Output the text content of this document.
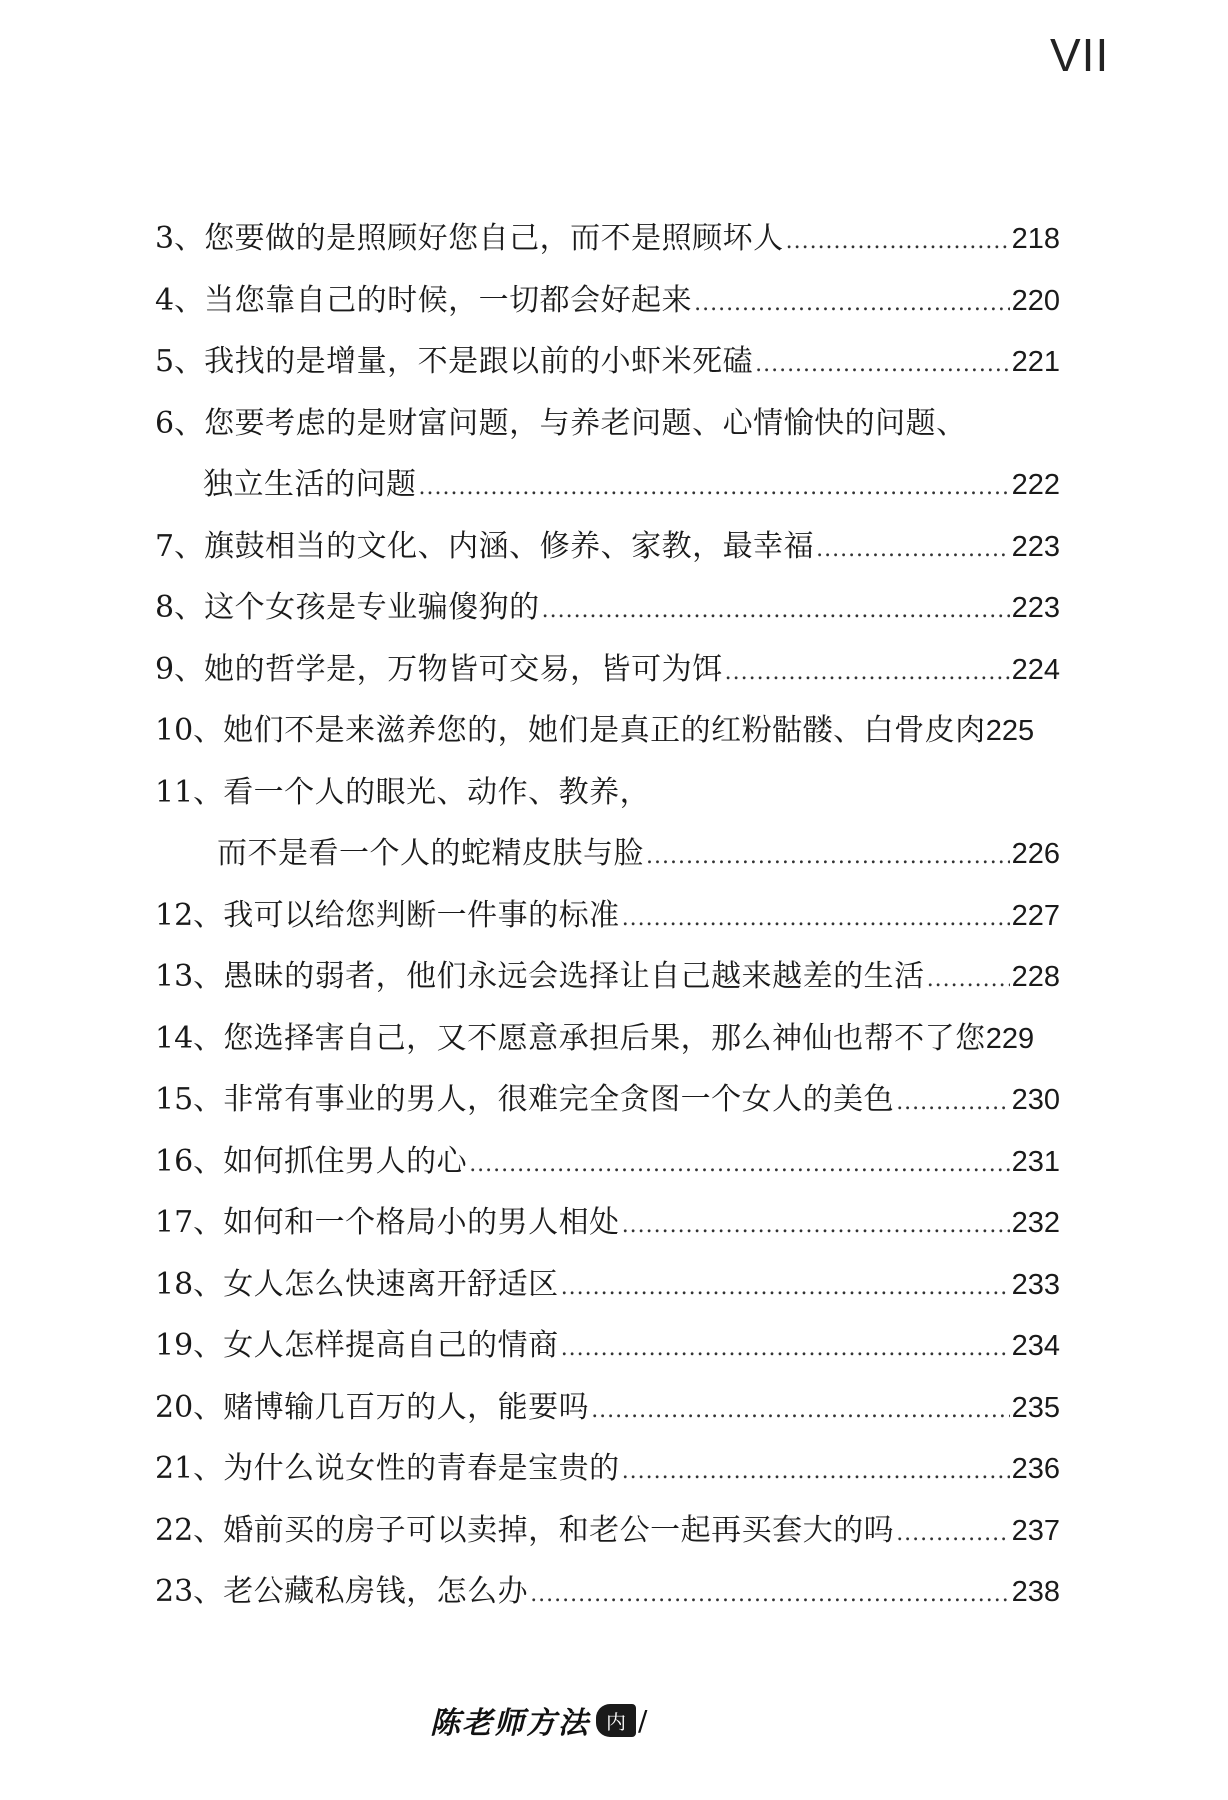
VII
3、 您要做的是照顾好您自己，而不是照顾坏人 .....	218
4、 当您靠自己的时候，一切都会好起来 .....	220
5、 我找的是增量，不是跟以前的小虾米死磕 .....	221
6、 您要考虑的是财富问题，与养老问题、心情愉快的问题、
独立生活的问题 .....	222
7、 旗鼓相当的文化、内涵、修养、家教，最幸福 .....	223
8、 这个女孩是专业骗傻狗的 .....	223
9、 她的哲学是，万物皆可交易，皆可为饵 .....	224
10、 她们不是来滋养您的，她们是真正的红粉骷髅、白骨皮肉 225
11、 看一个人的眼光、动作、教养，
而不是看一个人的蛇精皮肤与脸 .....	226
12、 我可以给您判断一件事的标准 .....	227
13、 愚昧的弱者，他们永远会选择让自己越来越差的生活 .....	228
14、 您选择害自己，又不愿意承担后果，那么神仙也帮不了您 229
15、 非常有事业的男人，很难完全贪图一个女人的美色 .....	230
16、 如何抓住男人的心 .....	231
17、 如何和一个格局小的男人相处 .....	232
18、 女人怎么快速离开舒适区 .....	233
19、 女人怎样提高自己的情商 .....	234
20、 赌博输几百万的人，能要吗 .....	235
21、 为什么说女性的青春是宝贵的 .....	236
22、 婚前买的房子可以卖掉，和老公一起再买套大的吗 .....	237
23、 老公藏私房钱，怎么办 .....	238
陈老师方法 内 /
